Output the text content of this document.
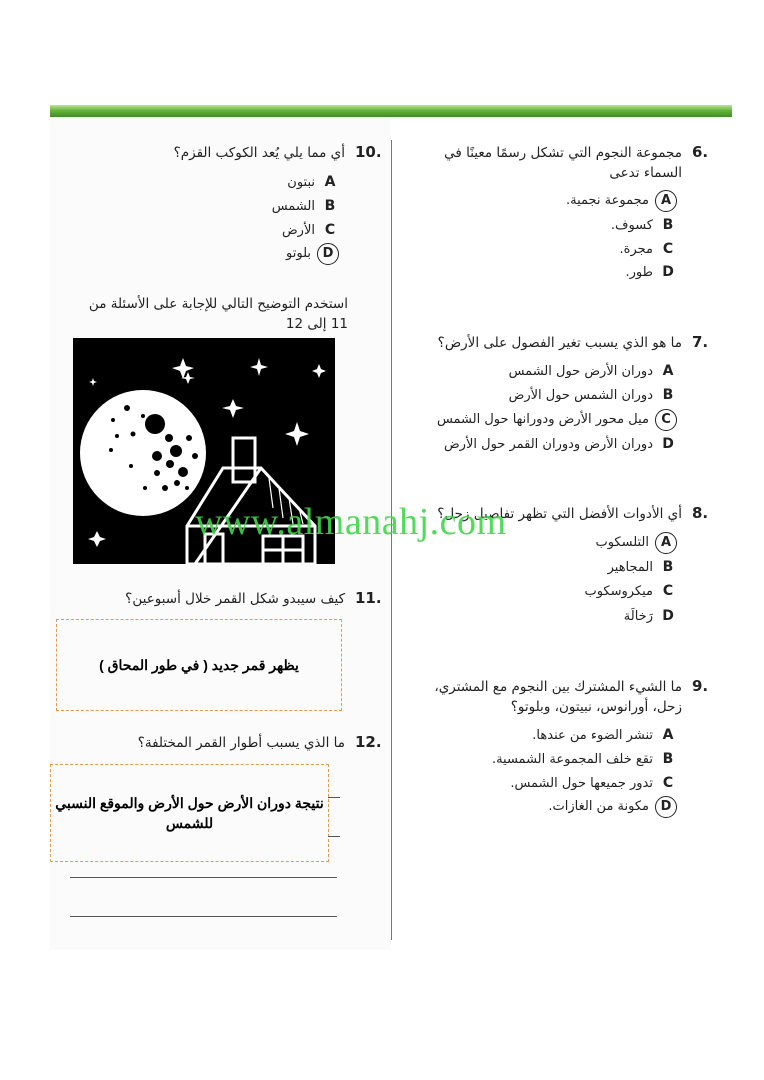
6.
مجموعة النجوم التي تشكل رسمًا معينًا في السماء تدعى
Aمجموعة نجمية.
Bكسوف.
Cمجرة.
Dطور.
7.
ما هو الذي يسبب تغير الفصول على الأرض؟
Aدوران الأرض حول الشمس
Bدوران الشمس حول الأرض
Cميل محور الأرض ودورانها حول الشمس
Dدوران الأرض ودوران القمر حول الأرض
8.
أي الأدوات الأفضل التي تظهر تفاصيل زحل؟
Aالتلسكوب
Bالمجاهير
Cميكروسكوب
Dرَخالَة
9.
ما الشيء المشترك بين النجوم مع المشتري، زحل، أورانوس، نبيتون، وبلوتو؟
Aتنشر الضوء من عندها.
Bتقع خلف المجموعة الشمسية.
Cتدور جميعها حول الشمس.
Dمكونة من الغازات.
10.
أي مما يلي يُعد الكوكب القزم؟
Aنبتون
Bالشمس
Cالأرض
Dبلوتو
استخدم التوضيح التالي للإجابة على الأسئلة من 11 إلى 12
11.
كيف سيبدو شكل القمر خلال أسبوعين؟
يظهر قمر جديد ( في طور المحاق )
12.
ما الذي يسبب أطوار القمر المختلفة؟
نتيجة دوران الأرض حول الأرض والموقع النسبي للشمس
www.almanahj.com
